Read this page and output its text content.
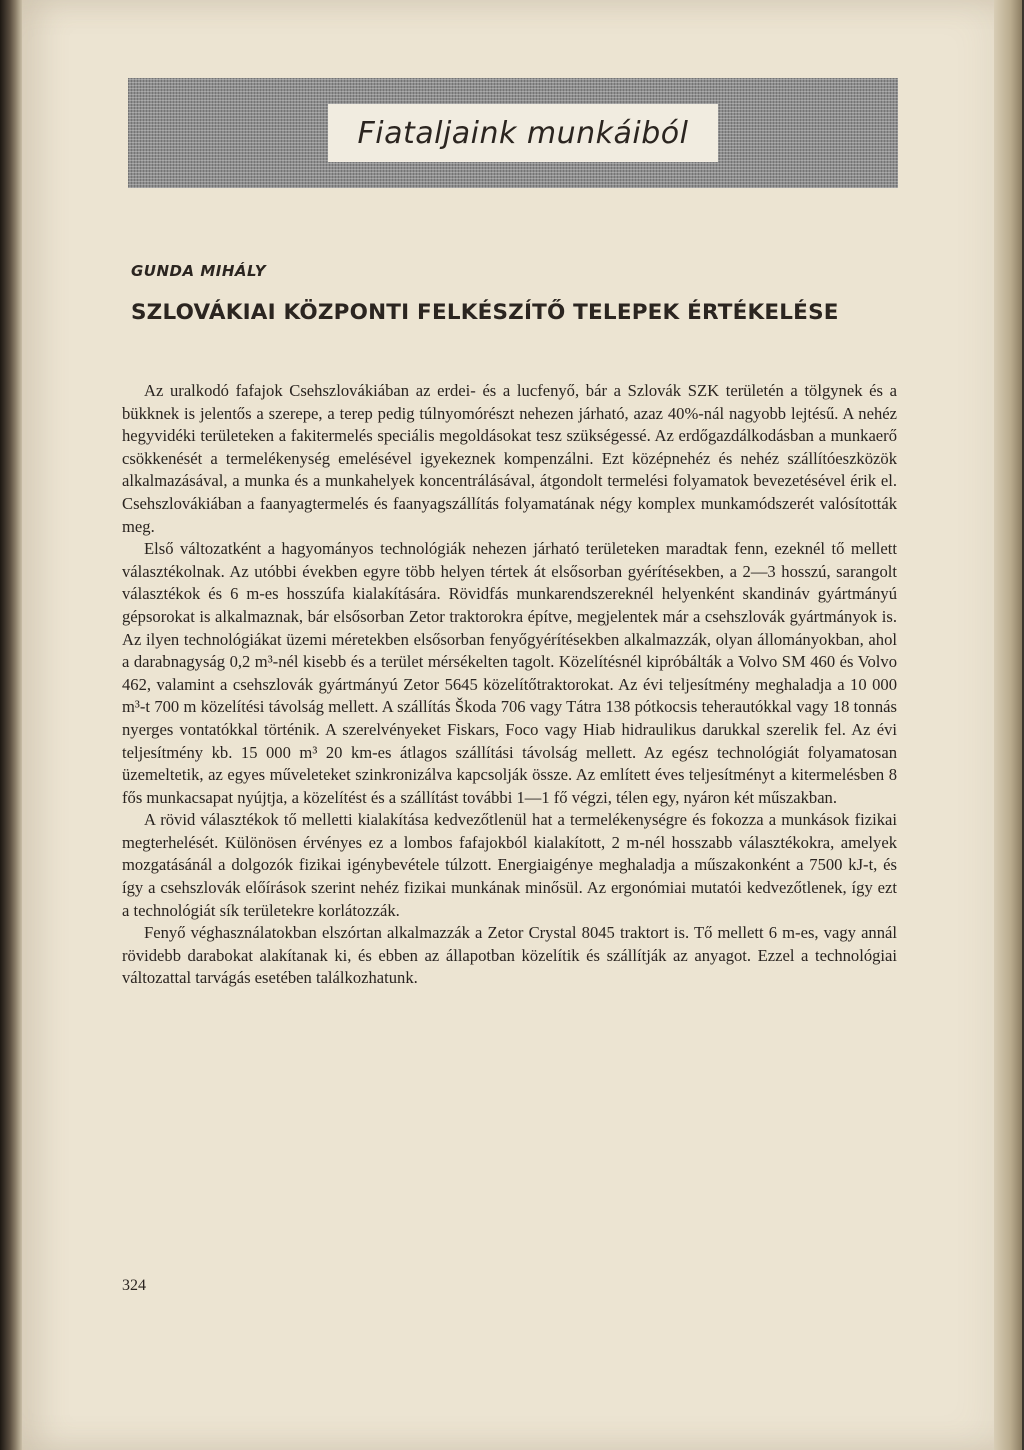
Fiataljaink munkáiból
GUNDA MIHÁLY
SZLOVÁKIAI KÖZPONTI FELKÉSZÍTŐ TELEPEK ÉRTÉKELÉSE

Az uralkodó fafajok Csehszlovákiában az erdei- és a lucfenyő, bár a Szlovák SZK területén a tölgynek és a bükknek is jelentős a szerepe, a terep pedig túlnyomórészt nehezen járható, azaz 40%-nál nagyobb lejtésű. A nehéz hegyvidéki területeken a fakitermelés speciális megoldásokat tesz szükségessé. Az erdőgazdálkodásban a munkaerő csökkenését a termelékenység emelésével igyekeznek kompenzálni. Ezt középnehéz és nehéz szállítóeszközök alkalmazásával, a munka és a munkahelyek koncentrálásával, átgondolt termelési folyamatok bevezetésével érik el. Csehszlovákiában a faanyagtermelés és faanyagszállítás folyamatának négy komplex munkamódszerét valósították meg.

Első változatként a hagyományos technológiák nehezen járható területeken maradtak fenn, ezeknél tő mellett választékolnak. Az utóbbi években egyre több helyen tértek át elsősorban gyérítésekben, a 2—3 hosszú, sarangolt választékok és 6 m-es hosszúfa kialakítására. Rövidfás munkarendszereknél helyenként skandináv gyártmányú gépsorokat is alkalmaznak, bár elsősorban Zetor traktorokra építve, megjelentek már a csehszlovák gyártmányok is. Az ilyen technológiákat üzemi méretekben elsősorban fenyőgyérítésekben alkalmazzák, olyan állományokban, ahol a darabnagyság 0,2 m³-nél kisebb és a terület mérsékelten tagolt. Közelítésnél kipróbálták a Volvo SM 460 és Volvo 462, valamint a csehszlovák gyártmányú Zetor 5645 közelítőtraktorokat. Az évi teljesítmény meghaladja a 10 000 m³-t 700 m közelítési távolság mellett. A szállítás Škoda 706 vagy Tátra 138 pótkocsis teherautókkal vagy 18 tonnás nyerges vontatókkal történik. A szerelvényeket Fiskars, Foco vagy Hiab hidraulikus darukkal szerelik fel. Az évi teljesítmény kb. 15 000 m³ 20 km-es átlagos szállítási távolság mellett. Az egész technológiát folyamatosan üzemeltetik, az egyes műveleteket szinkronizálva kapcsolják össze. Az említett éves teljesítményt a kitermelésben 8 fős munkacsapat nyújtja, a közelítést és a szállítást további 1—1 fő végzi, télen egy, nyáron két műszakban.

A rövid választékok tő melletti kialakítása kedvezőtlenül hat a termelékenységre és fokozza a munkások fizikai megterhelését. Különösen érvényes ez a lombos fafajokból kialakított, 2 m-nél hosszabb választékokra, amelyek mozgatásánál a dolgozók fizikai igénybevétele túlzott. Energiaigénye meghaladja a műszakonként a 7500 kJ-t, és így a csehszlovák előírások szerint nehéz fizikai munkának minősül. Az ergonómiai mutatói kedvezőtlenek, így ezt a technológiát sík területekre korlátozzák.

Fenyő véghasználatokban elszórtan alkalmazzák a Zetor Crystal 8045 traktort is. Tő mellett 6 m-es, vagy annál rövidebb darabokat alakítanak ki, és ebben az állapotban közelítik és szállítják az anyagot. Ezzel a technológiai változattal tarvágás esetében találkozhatunk.

324
